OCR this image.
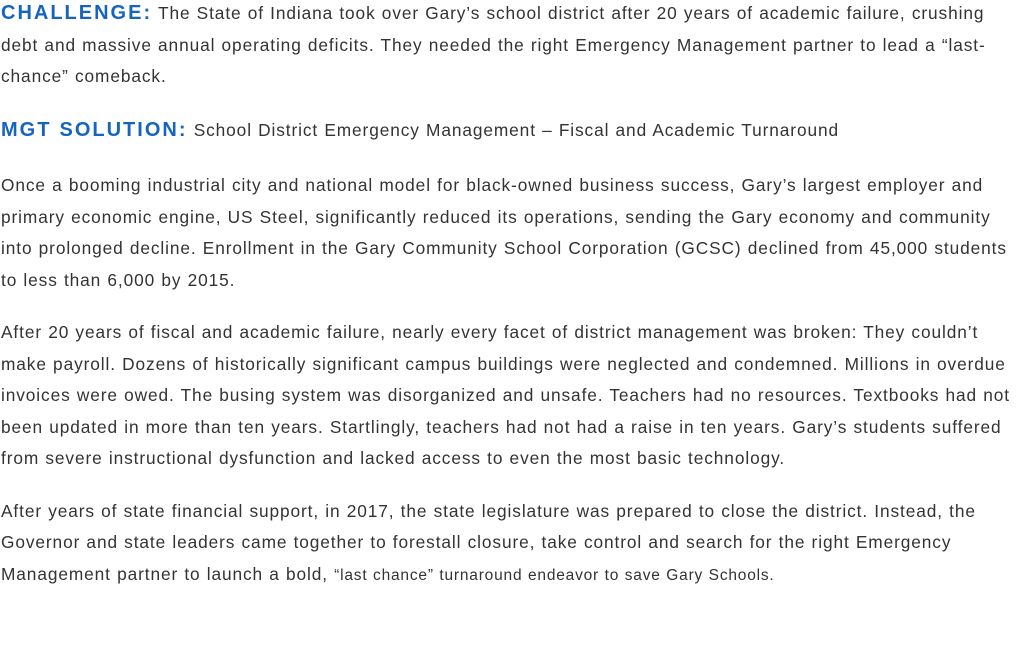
CHALLENGE: The State of Indiana took over Gary’s school district after 20 years of academic failure, crushing debt and massive annual operating deficits. They needed the right Emergency Management partner to lead a “last-chance” comeback.

MGT SOLUTION: School District Emergency Management – Fiscal and Academic Turnaround

Once a booming industrial city and national model for black-owned business success, Gary’s largest employer and primary economic engine, US Steel, significantly reduced its operations, sending the Gary economy and community into prolonged decline. Enrollment in the Gary Community School Corporation (GCSC) declined from 45,000 students to less than 6,000 by 2015.

After 20 years of fiscal and academic failure, nearly every facet of district management was broken: They couldn’t make payroll. Dozens of historically significant campus buildings were neglected and condemned. Millions in overdue invoices were owed. The busing system was disorganized and unsafe. Teachers had no resources. Textbooks had not been updated in more than ten years. Startlingly, teachers had not had a raise in ten years. Gary’s students suffered from severe instructional dysfunction and lacked access to even the most basic technology.

After years of state financial support, in 2017, the state legislature was prepared to close the district. Instead, the Governor and state leaders came together to forestall closure, take control and search for the right Emergency Management partner to launch a bold, “last chance” turnaround endeavor to save Gary Schools.
